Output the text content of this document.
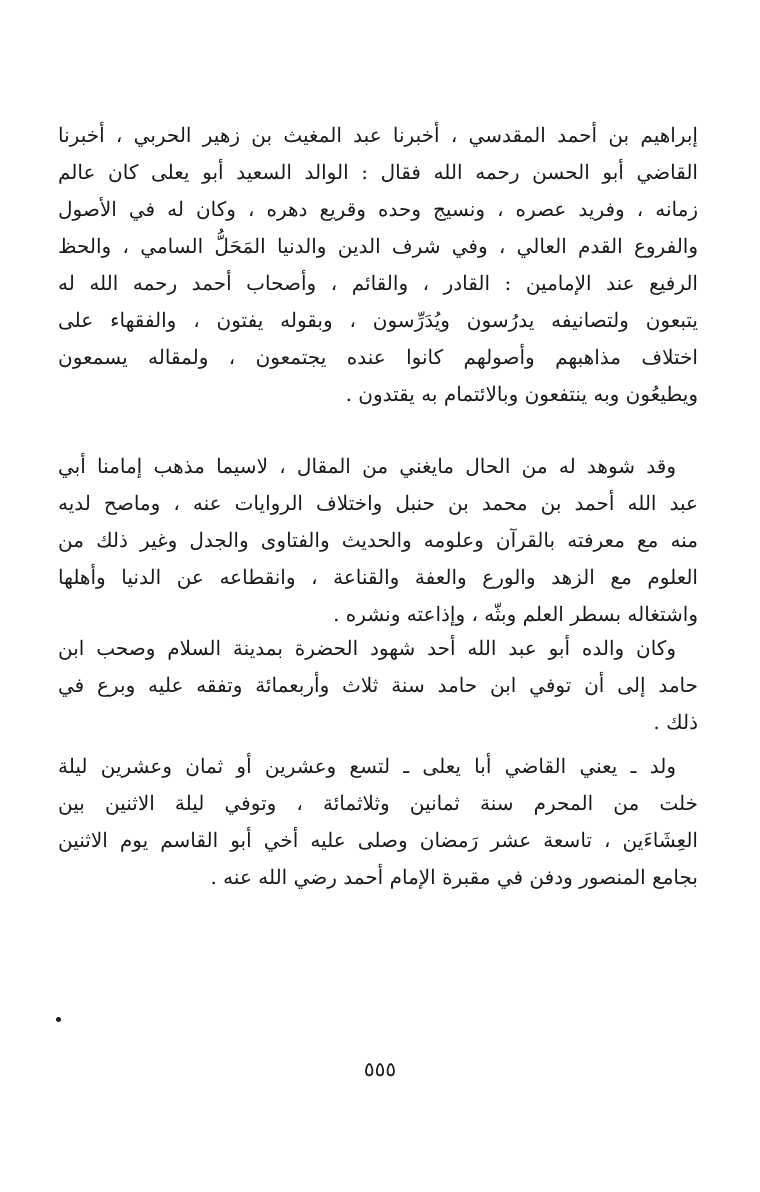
إبراهيم بن أحمد المقدسي ، أخبرنا عبد المغيث بن زهير الحربي ، أخبرنا
القاضي أبو الحسن رحمه الله فقال : الوالد السعيد أبو يعلى كان عالم
زمانه ، وفريد عصره ، ونسيج وحده وقريع دهره ، وكان له في الأصول
والفروع القدم العالي ، وفي شرف الدين والدنيا المَحَلُّ السامي ، والحظ
الرفيع عند الإمامين : القادر ، والقائم ، وأصحاب أحمد رحمه الله له
يتبعون ولتصانيفه يدرُسون ويُدَرِّسون ، وبقوله يفتون ، والفقهاء على
اختلاف مذاهبهم وأصولهم كانوا عنده يجتمعون ، ولمقاله يسمعون
ويطيعُون وبه ينتفعون وبالائتمام به يقتدون .
وقد شوهد له من الحال مايغني من المقال ، لاسيما مذهب إمامنا أبي
عبد الله أحمد بن محمد بن حنبل واختلاف الروايات عنه ، وماصح لديه
منه مع معرفته بالقرآن وعلومه والحديث والفتاوى والجدل وغير ذلك من
العلوم مع الزهد والورع والعفة والقناعة ، وانقطاعه عن الدنيا وأهلها
واشتغاله بسطر العلم وبثّه ، وإذاعته ونشره .
وكان والده أبو عبد الله أحد شهود الحضرة بمدينة السلام وصحب ابن
حامد إلى أن توفي ابن حامد سنة ثلاث وأربعمائة وتفقه عليه وبرع في
ذلك .
ولد ـ يعني القاضي أبا يعلى ـ لتسع وعشرين أو ثمان وعشرين ليلة
خلت من المحرم سنة ثمانين وثلاثمائة ، وتوفي ليلة الاثنين بين
العِشَاءَين ، تاسعة عشر رَمضان وصلى عليه أخي أبو القاسم يوم الاثنين
بجامع المنصور ودفن في مقبرة الإمام أحمد رضي الله عنه .
٥٥٥
